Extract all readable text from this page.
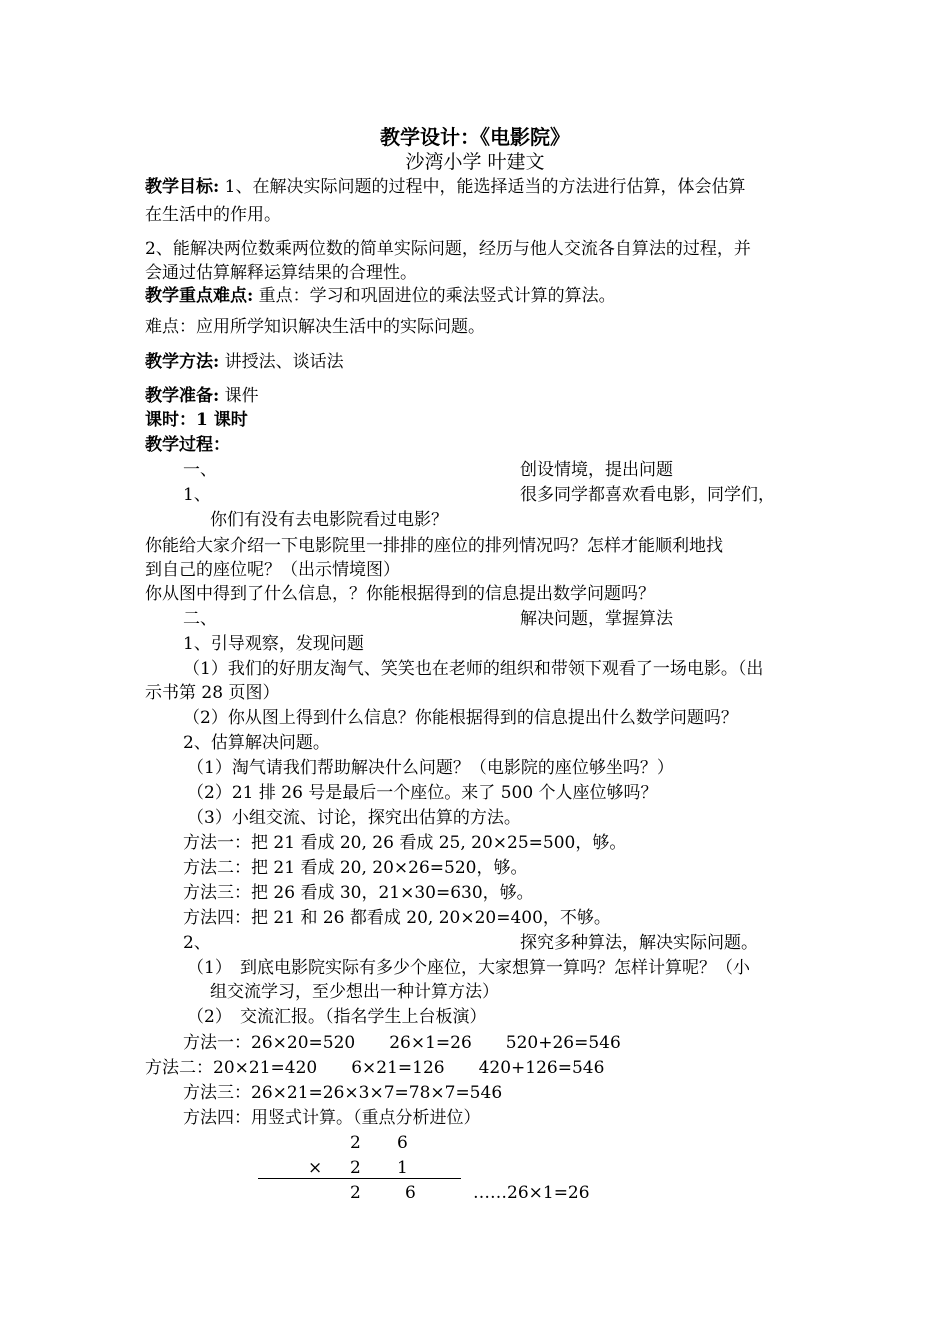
教学设计：《电影院》
沙湾小学 叶建文
教学目标: 1、在解决实际问题的过程中，能选择适当的方法进行估算，体会估算
在生活中的作用。
2、能解决两位数乘两位数的简单实际问题，经历与他人交流各自算法的过程，并
会通过估算解释运算结果的合理性。
教学重点难点: 重点：学习和巩固进位的乘法竖式计算的算法。
难点：应用所学知识解决生活中的实际问题。
教学方法: 讲授法、谈话法
教学准备: 课件
课时：1 课时
教学过程：
一、	创设情境，提出问题
1、	很多同学都喜欢看电影，同学们，
你们有没有去电影院看过电影？
你能给大家介绍一下电影院里一排排的座位的排列情况吗？怎样才能顺利地找
到自己的座位呢？（出示情境图）
你从图中得到了什么信息，？你能根据得到的信息提出数学问题吗？
二、	解决问题，掌握算法
1、引导观察，发现问题
（1）我们的好朋友淘气、笑笑也在老师的组织和带领下观看了一场电影。（出
示书第 28 页图）
（2）你从图上得到什么信息？你能根据得到的信息提出什么数学问题吗？
2、估算解决问题。
（1）淘气请我们帮助解决什么问题？（电影院的座位够坐吗？）
（2）21 排 26 号是最后一个座位。来了 500 个人座位够吗？
（3）小组交流、讨论，探究出估算的方法。
方法一：把 21 看成 20, 26 看成 25, 20×25=500，够。
方法二：把 21 看成 20, 20×26=520，够。
方法三：把 26 看成 30，21×30=630，够。
方法四：把 21 和 26 都看成 20, 20×20=400，不够。
2、	探究多种算法，解决实际问题。
（1） 到底电影院实际有多少个座位，大家想算一算吗？怎样计算呢？（小
组交流学习，至少想出一种计算方法）
（2） 交流汇报。（指名学生上台板演）
方法一：26×20=520　　26×1=26　　520+26=546
方法二：20×21=420　　6×21=126　　420+126=546
方法三：26×21=26×3×7=78×7=546
方法四：用竖式计算。（重点分析进位）
2 6
× 2 1
2	6	……26×1=26
